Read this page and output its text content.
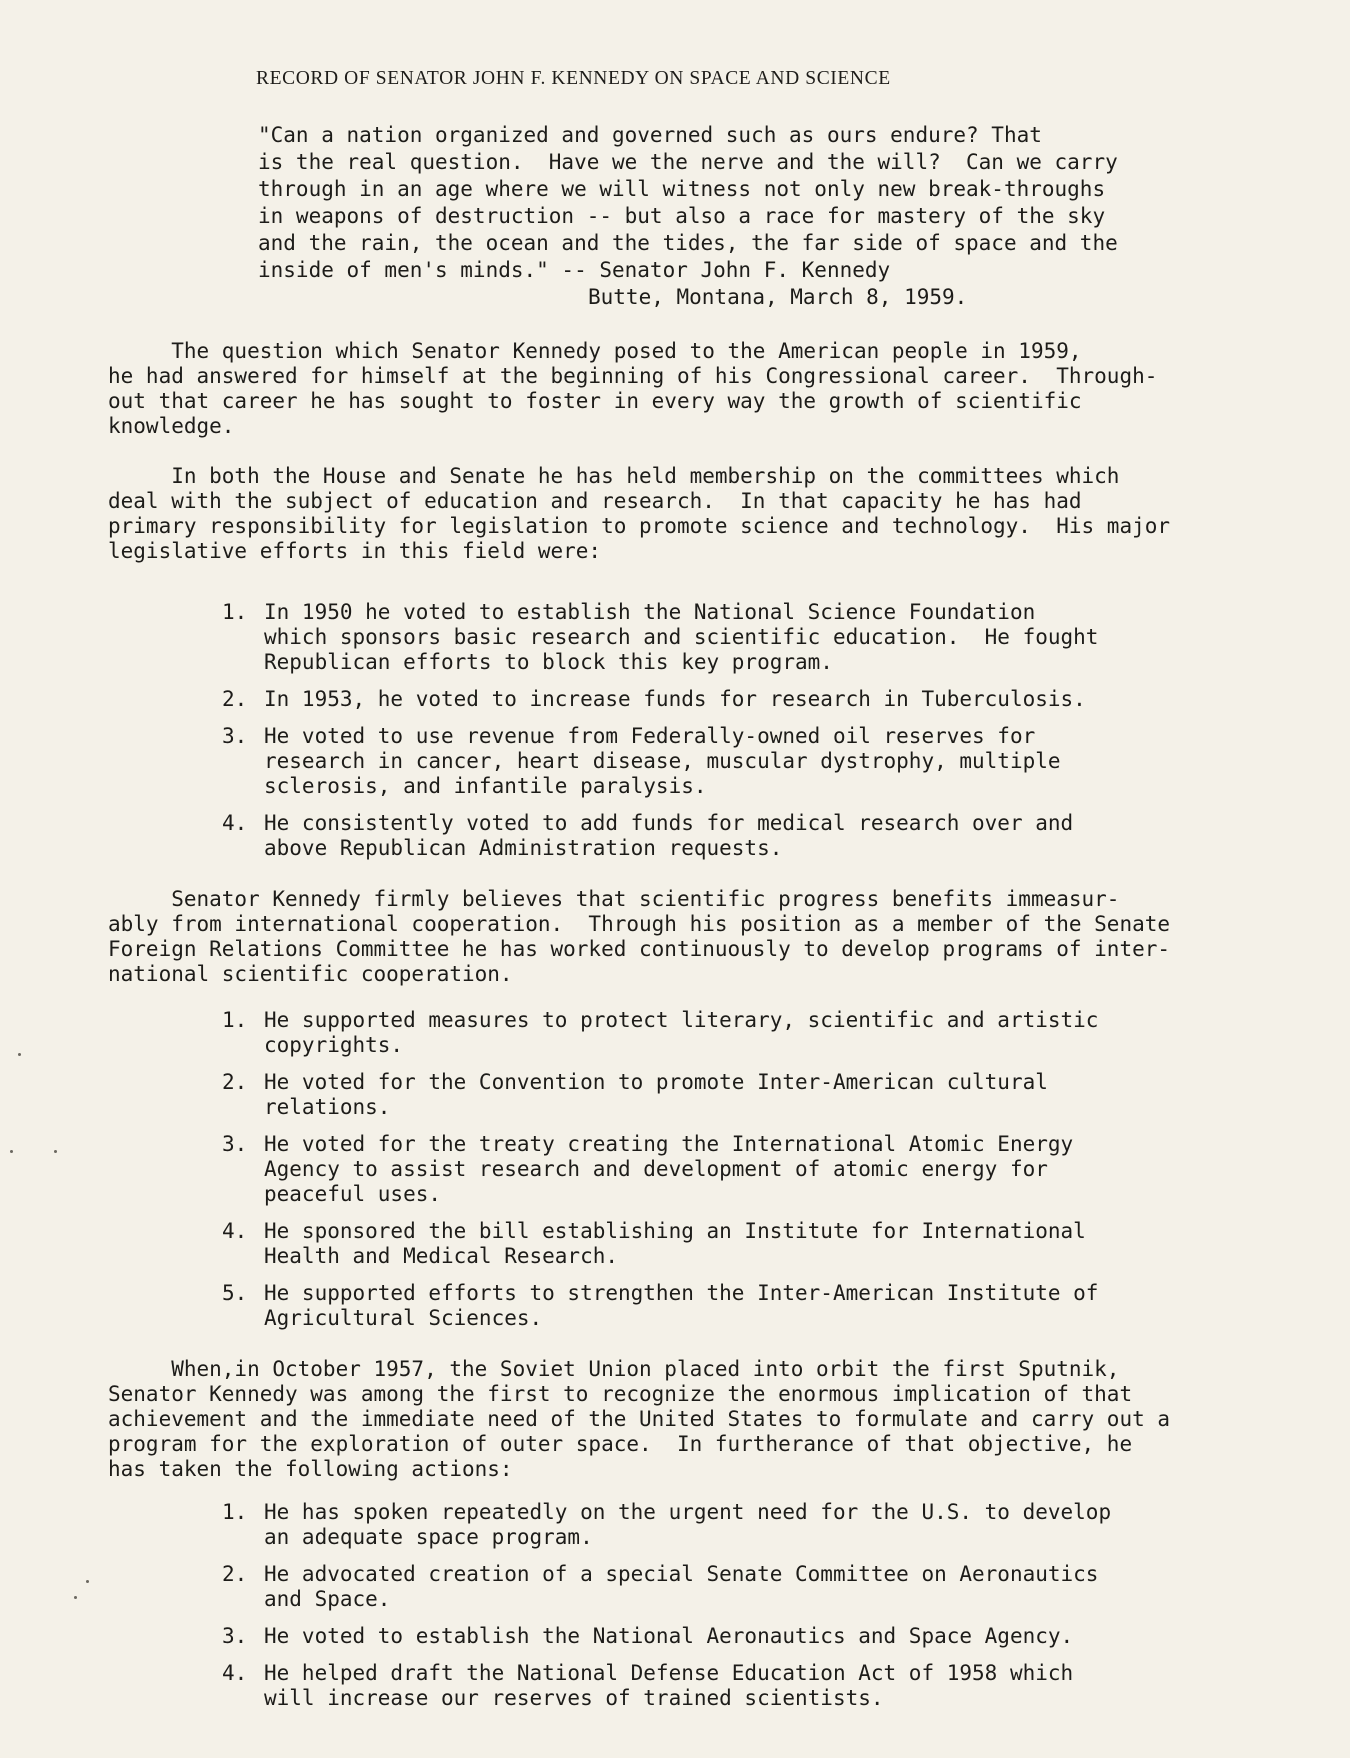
RECORD OF SENATOR JOHN F. KENNEDY ON SPACE AND SCIENCE
"Can a nation organized and governed such as ours endure? That
is the real question.  Have we the nerve and the will?  Can we carry
through in an age where we will witness not only new break-throughs
in weapons of destruction -- but also a race for mastery of the sky
and the rain, the ocean and the tides, the far side of space and the
inside of men's minds." -- Senator John F. Kennedy
Butte, Montana, March 8, 1959.
The question which Senator Kennedy posed to the American people in 1959,
he had answered for himself at the beginning of his Congressional career.  Through-
out that career he has sought to foster in every way the growth of scientific
knowledge.
In both the House and Senate he has held membership on the committees which
deal with the subject of education and research.  In that capacity he has had
primary responsibility for legislation to promote science and technology.  His major
legislative efforts in this field were:
1. In 1950 he voted to establish the National Science Foundation
which sponsors basic research and scientific education.  He fought
Republican efforts to block this key program.
2. In 1953, he voted to increase funds for research in Tuberculosis.
3. He voted to use revenue from Federally-owned oil reserves for
research in cancer, heart disease, muscular dystrophy, multiple
sclerosis, and infantile paralysis.
4. He consistently voted to add funds for medical research over and
above Republican Administration requests.
Senator Kennedy firmly believes that scientific progress benefits immeasur-
ably from international cooperation.  Through his position as a member of the Senate
Foreign Relations Committee he has worked continuously to develop programs of inter-
national scientific cooperation.
1. He supported measures to protect literary, scientific and artistic
copyrights.
2. He voted for the Convention to promote Inter-American cultural
relations.
3. He voted for the treaty creating the International Atomic Energy
Agency to assist research and development of atomic energy for
peaceful uses.
4. He sponsored the bill establishing an Institute for International
Health and Medical Research.
5. He supported efforts to strengthen the Inter-American Institute of
Agricultural Sciences.
When,in October 1957, the Soviet Union placed into orbit the first Sputnik,
Senator Kennedy was among the first to recognize the enormous implication of that
achievement and the immediate need of the United States to formulate and carry out a
program for the exploration of outer space.  In furtherance of that objective, he
has taken the following actions:
1. He has spoken repeatedly on the urgent need for the U.S. to develop
an adequate space program.
2. He advocated creation of a special Senate Committee on Aeronautics
and Space.
3. He voted to establish the National Aeronautics and Space Agency.
4. He helped draft the National Defense Education Act of 1958 which
will increase our reserves of trained scientists.
